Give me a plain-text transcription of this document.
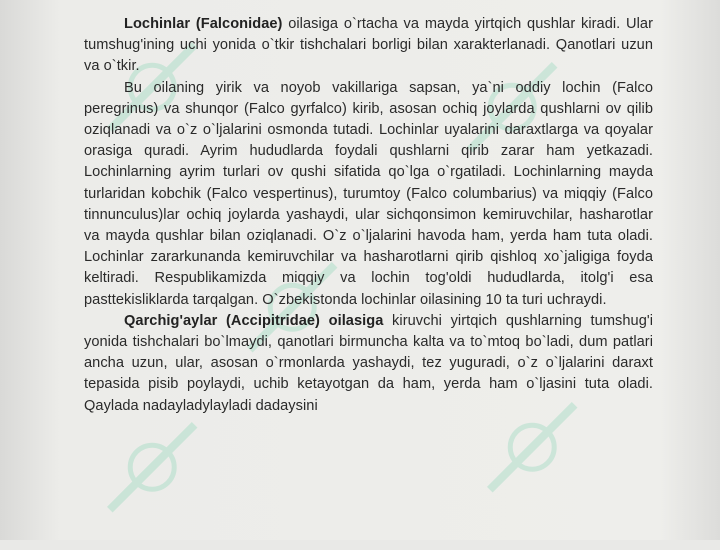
Lochinlar (Falconidae) oilasiga o`rtacha va mayda yirtqich qushlar kiradi. Ular tumshug'ining uchi yonida o`tkir tishchalari borligi bilan xarakterlanadi. Qanotlari uzun va o`tkir.

Bu oilaning yirik va noyob vakillariga sapsan, ya`ni oddiy lochin (Falco peregrinus) va shunqor (Falco gyrfalco) kirib, asosan ochiq joylarda qushlarni ov qilib oziqlanadi va o`z o`ljalarini osmonda tutadi. Lochinlar uyalarini daraxtlarga va qoyalar orasiga quradi. Ayrim hududlarda foydali qushlarni qirib zarar ham yetkazadi. Lochinlarning ayrim turlari ov qushi sifatida qo`lga o`rgatiladi. Lochinlarning mayda turlaridan kobchik (Falco vespertinus), turumtoy (Falco columbarius) va miqqiy (Falco tinnunculus)lar ochiq joylarda yashaydi, ular sichqonsimon kemiruvchilar, hasharotlar va mayda qushlar bilan oziqlanadi. O`z o`ljalarini havoda ham, yerda ham tuta oladi. Lochinlar zararkunanda kemiruvchilar va hasharotlarni qirib qishloq xo`jaligiga foyda keltiradi. Respublikamizda miqqiy va lochin tog'oldi hududlarda, itolg'i esa pasttekisliklarda tarqalgan. O`zbekistonda lochinlar oilasining 10 ta turi uchraydi.

Qarchig'aylar (Accipitridae) oilasiga kiruvchi yirtqich qushlarning tumshug'i yonida tishchalari bo`lmaydi, qanotlari birmuncha kalta va to`mtoq bo`ladi, dum patlari ancha uzun, ular, asosan o`rmonlarda yashaydi, tez yuguradi, o`z o`ljalarini daraxt tepasida pisib poylaydi, uchib ketayotgan da ham, yerda ham o`ljasini tuta oladi. Qaylada nadayladylayladi dadaysini
